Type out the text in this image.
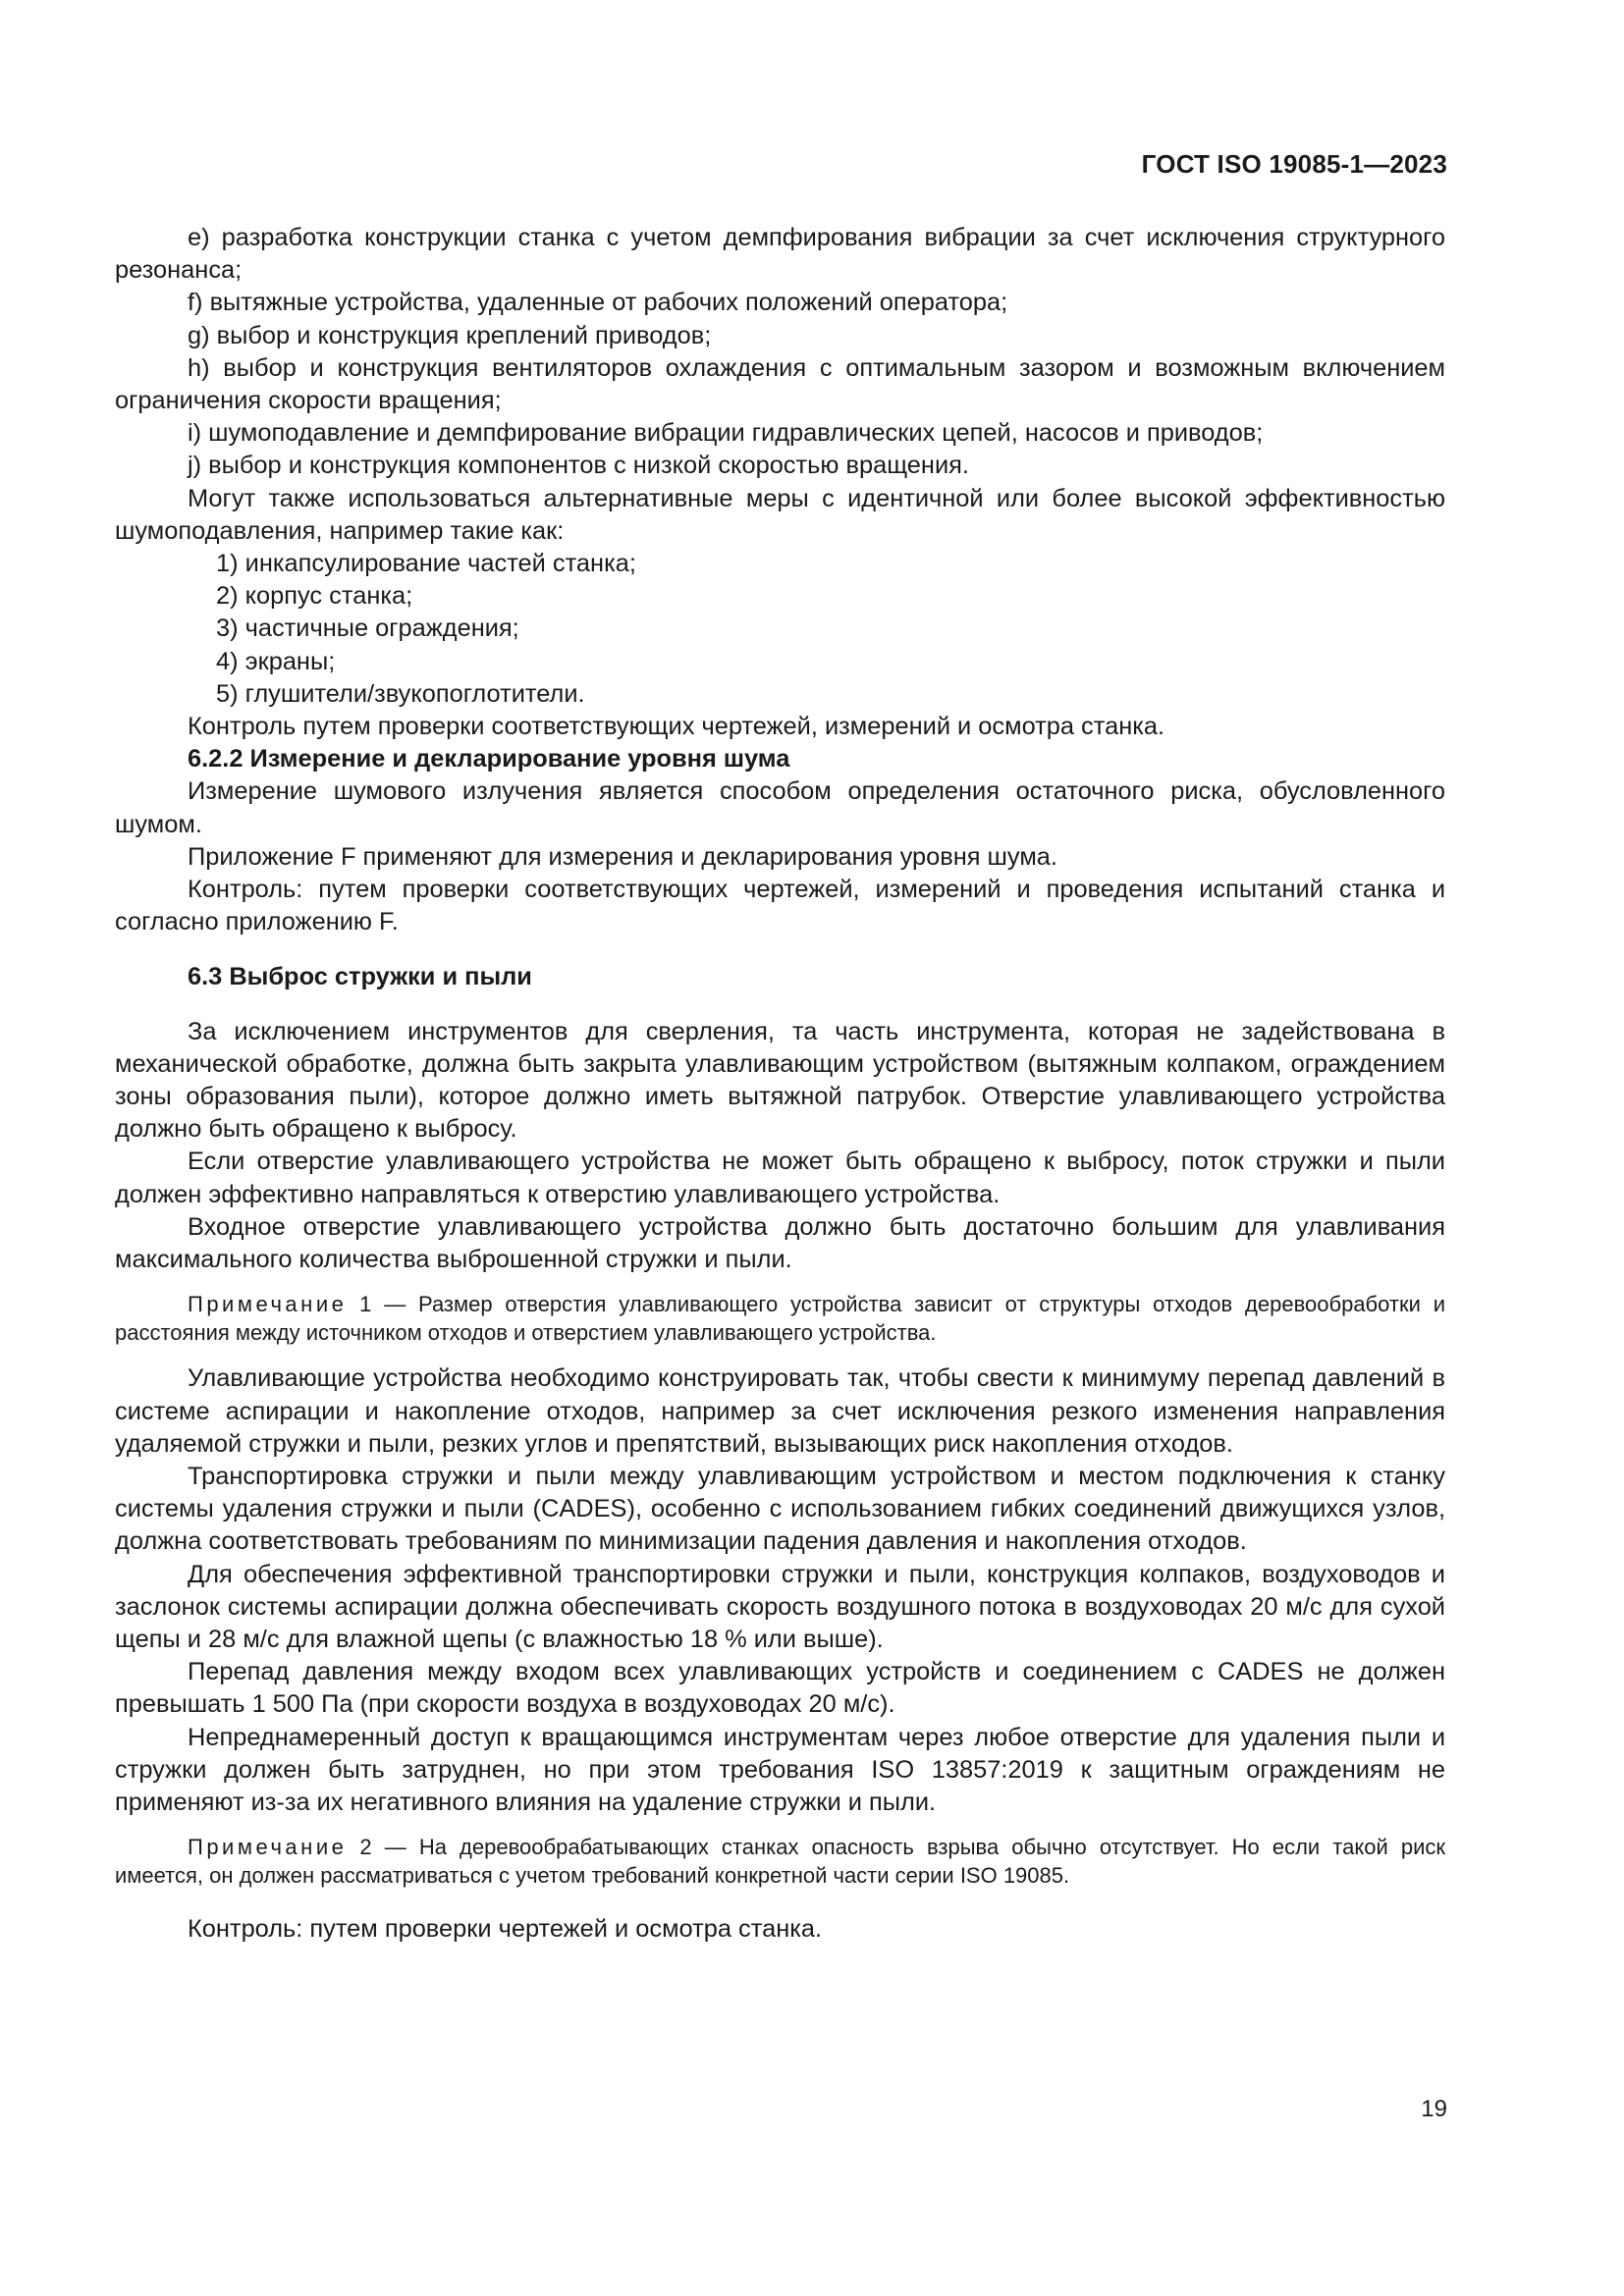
ГОСТ ISO 19085-1—2023

e) разработка конструкции станка с учетом демпфирования вибрации за счет исключения структурного резонанса;

f) вытяжные устройства, удаленные от рабочих положений оператора;

g) выбор и конструкция креплений приводов;

h) выбор и конструкция вентиляторов охлаждения с оптимальным зазором и возможным включением ограничения скорости вращения;

i) шумоподавление и демпфирование вибрации гидравлических цепей, насосов и приводов;

j) выбор и конструкция компонентов с низкой скоростью вращения.

Могут также использоваться альтернативные меры с идентичной или более высокой эффективностью шумоподавления, например такие как:

1) инкапсулирование частей станка;

2) корпус станка;

3) частичные ограждения;

4) экраны;

5) глушители/звукопоглотители.

Контроль путем проверки соответствующих чертежей, измерений и осмотра станка.

6.2.2 Измерение и декларирование уровня шума

Измерение шумового излучения является способом определения остаточного риска, обусловленного шумом.

Приложение F применяют для измерения и декларирования уровня шума.

Контроль: путем проверки соответствующих чертежей, измерений и проведения испытаний станка и согласно приложению F.

6.3 Выброс стружки и пыли

За исключением инструментов для сверления, та часть инструмента, которая не задействована в механической обработке, должна быть закрыта улавливающим устройством (вытяжным колпаком, ограждением зоны образования пыли), которое должно иметь вытяжной патрубок. Отверстие улавливающего устройства должно быть обращено к выбросу.

Если отверстие улавливающего устройства не может быть обращено к выбросу, поток стружки и пыли должен эффективно направляться к отверстию улавливающего устройства.

Входное отверстие улавливающего устройства должно быть достаточно большим для улавливания максимального количества выброшенной стружки и пыли.

Примечание 1 — Размер отверстия улавливающего устройства зависит от структуры отходов деревообработки и расстояния между источником отходов и отверстием улавливающего устройства.

Улавливающие устройства необходимо конструировать так, чтобы свести к минимуму перепад давлений в системе аспирации и накопление отходов, например за счет исключения резкого изменения направления удаляемой стружки и пыли, резких углов и препятствий, вызывающих риск накопления отходов.

Транспортировка стружки и пыли между улавливающим устройством и местом подключения к станку системы удаления стружки и пыли (CADES), особенно с использованием гибких соединений движущихся узлов, должна соответствовать требованиям по минимизации падения давления и накопления отходов.

Для обеспечения эффективной транспортировки стружки и пыли, конструкция колпаков, воздуховодов и заслонок системы аспирации должна обеспечивать скорость воздушного потока в воздуховодах 20 м/с для сухой щепы и 28 м/с для влажной щепы (с влажностью 18 % или выше).

Перепад давления между входом всех улавливающих устройств и соединением с CADES не должен превышать 1 500 Па (при скорости воздуха в воздуховодах 20 м/с).

Непреднамеренный доступ к вращающимся инструментам через любое отверстие для удаления пыли и стружки должен быть затруднен, но при этом требования ISO 13857:2019 к защитным ограждениям не применяют из-за их негативного влияния на удаление стружки и пыли.

Примечание 2 — На деревообрабатывающих станках опасность взрыва обычно отсутствует. Но если такой риск имеется, он должен рассматриваться с учетом требований конкретной части серии ISO 19085.

Контроль: путем проверки чертежей и осмотра станка.

19
